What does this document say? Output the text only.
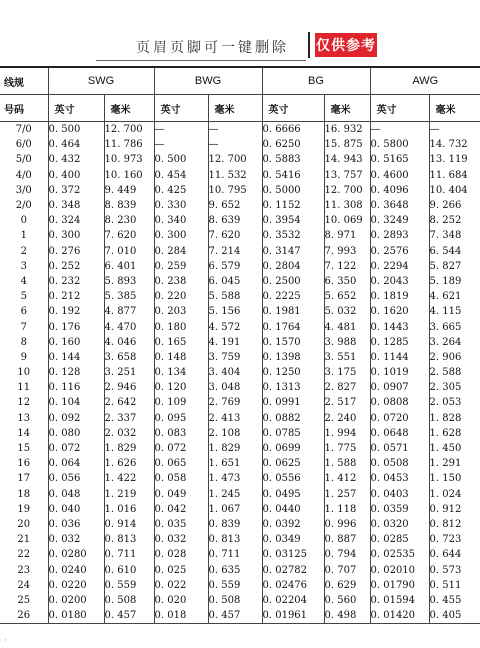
页眉页脚可一键删除 仅供参考
线规	SWG		BWG		BG		AWG	
号码	英寸	毫米	英寸	毫米	英寸	毫米	英寸	毫米
7/0	0. 500	12. 700	—	—	0. 6666	16. 932	—	—
6/0	0. 464	11. 786	—	—	0. 6250	15. 875	0. 5800	14. 732
5/0	0. 432	10. 973	0. 500	12. 700	0. 5883	14. 943	0. 5165	13. 119
4/0	0. 400	10. 160	0. 454	11. 532	0. 5416	13. 757	0. 4600	11. 684
3/0	0. 372	9. 449	0. 425	10. 795	0. 5000	12. 700	0. 4096	10. 404
2/0	0. 348	8. 839	0. 330	9. 652	0. 1152	11. 308	0. 3648	9. 266
0	0. 324	8. 230	0. 340	8. 639	0. 3954	10. 069	0. 3249	8. 252
1	0. 300	7. 620	0. 300	7. 620	0. 3532	8. 971	0. 2893	7. 348
2	0. 276	7. 010	0. 284	7. 214	0. 3147	7. 993	0. 2576	6. 544
3	0. 252	6. 401	0. 259	6. 579	0. 2804	7. 122	0. 2294	5. 827
4	0. 232	5. 893	0. 238	6. 045	0. 2500	6. 350	0. 2043	5. 189
5	0. 212	5. 385	0. 220	5. 588	0. 2225	5. 652	0. 1819	4. 621
6	0. 192	4. 877	0. 203	5. 156	0. 1981	5. 032	0. 1620	4. 115
7	0. 176	4. 470	0. 180	4. 572	0. 1764	4. 481	0. 1443	3. 665
8	0. 160	4. 046	0. 165	4. 191	0. 1570	3. 988	0. 1285	3. 264
9	0. 144	3. 658	0. 148	3. 759	0. 1398	3. 551	0. 1144	2. 906
10	0. 128	3. 251	0. 134	3. 404	0. 1250	3. 175	0. 1019	2. 588
11	0. 116	2. 946	0. 120	3. 048	0. 1313	2. 827	0. 0907	2. 305
12	0. 104	2. 642	0. 109	2. 769	0. 0991	2. 517	0. 0808	2. 053
13	0. 092	2. 337	0. 095	2. 413	0. 0882	2. 240	0. 0720	1. 828
14	0. 080	2. 032	0. 083	2. 108	0. 0785	1. 994	0. 0648	1. 628
15	0. 072	1. 829	0. 072	1. 829	0. 0699	1. 775	0. 0571	1. 450
16	0. 064	1. 626	0. 065	1. 651	0. 0625	1. 588	0. 0508	1. 291
17	0. 056	1. 422	0. 058	1. 473	0. 0556	1. 412	0. 0453	1. 150
18	0. 048	1. 219	0. 049	1. 245	0. 0495	1. 257	0. 0403	1. 024
19	0. 040	1. 016	0. 042	1. 067	0. 0440	1. 118	0. 0359	0. 912
20	0. 036	0. 914	0. 035	0. 839	0. 0392	0. 996	0. 0320	0. 812
21	0. 032	0. 813	0. 032	0. 813	0. 0349	0. 887	0. 0285	0. 723
22	0. 0280	0. 711	0. 028	0. 711	0. 03125	0. 794	0. 02535	0. 644
23	0. 0240	0. 610	0. 025	0. 635	0. 02782	0. 707	0. 02010	0. 573
24	0. 0220	0. 559	0. 022	0. 559	0. 02476	0. 629	0. 01790	0. 511
25	0. 0200	0. 508	0. 020	0. 508	0. 02204	0. 560	0. 01594	0. 455
26	0. 0180	0. 457	0. 018	0. 457	0. 01961	0. 498	0. 01420	0. 405
·
